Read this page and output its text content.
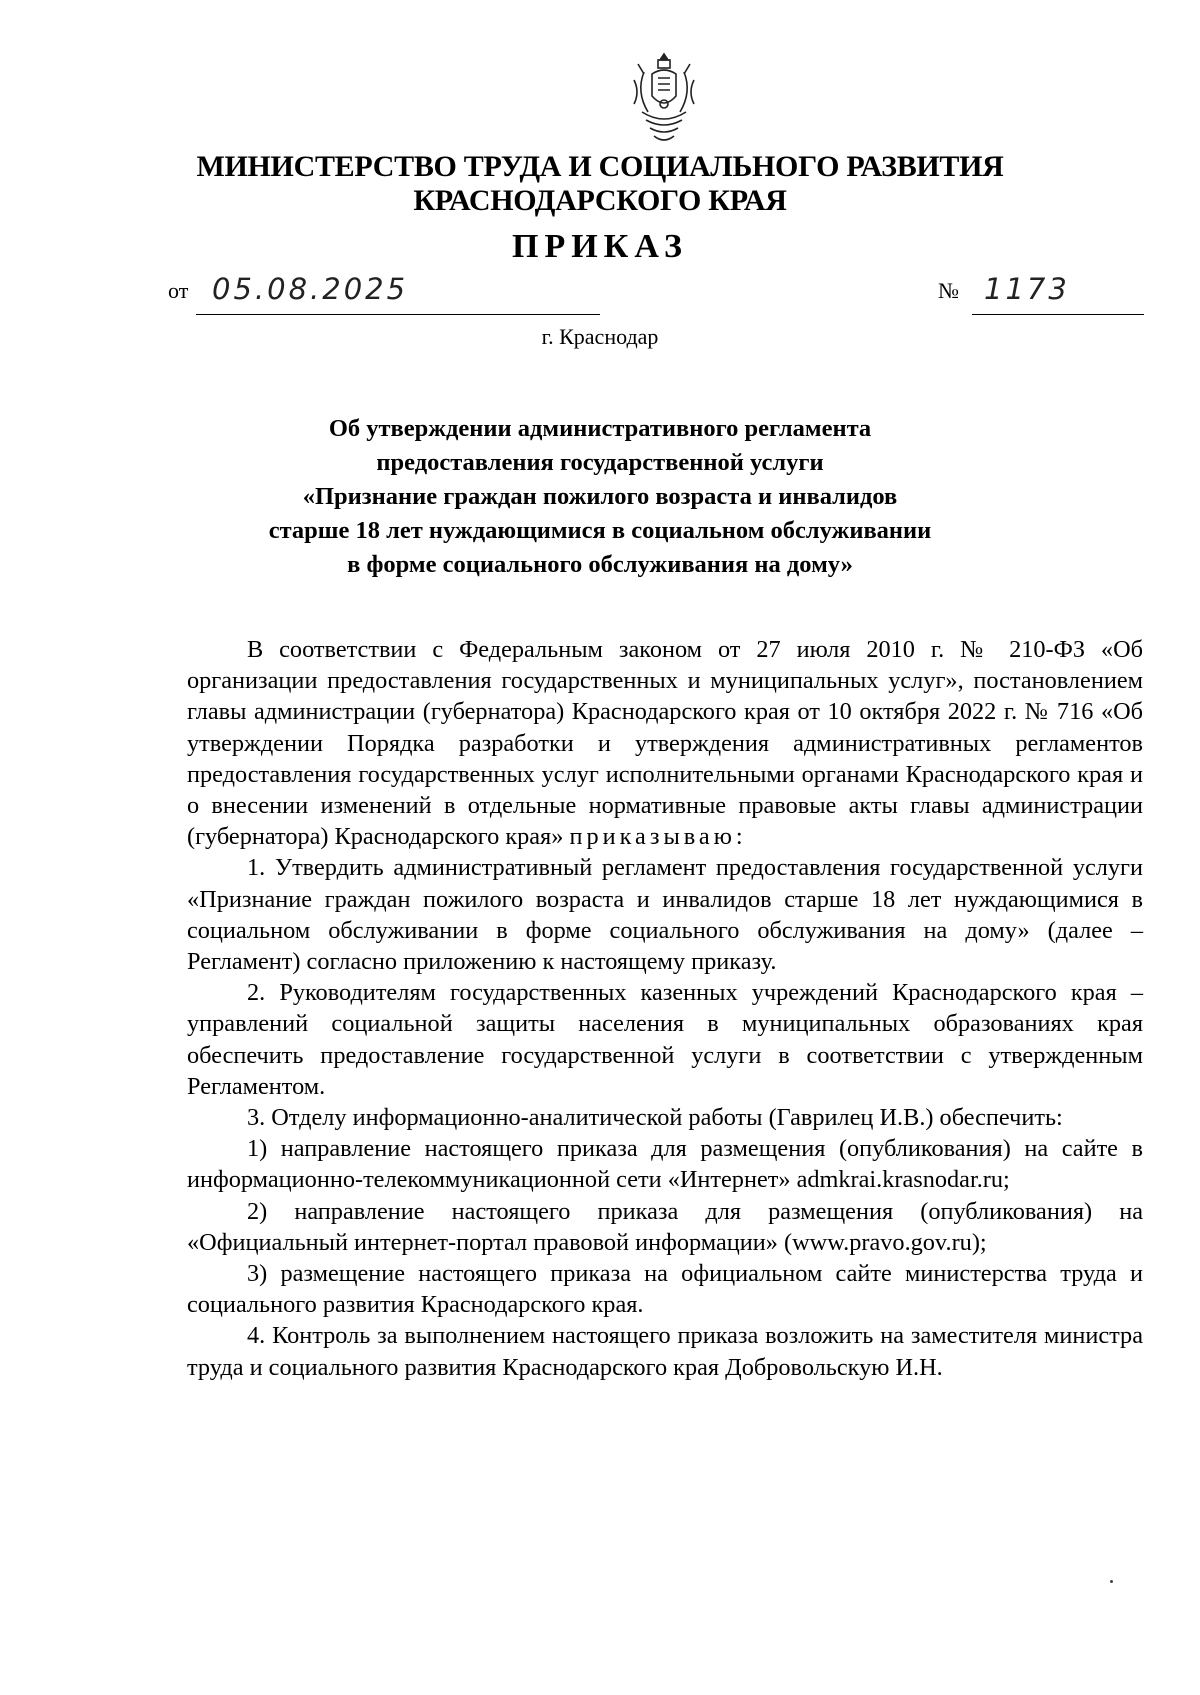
МИНИСТЕРСТВО ТРУДА И СОЦИАЛЬНОГО РАЗВИТИЯ
КРАСНОДАРСКОГО КРАЯ
ПРИКАЗ
от 05.08.2025	№ 1173
г. Краснодар
Об утверждении административного регламента
предоставления государственной услуги
«Признание граждан пожилого возраста и инвалидов
старше 18 лет нуждающимися в социальном обслуживании
в форме социального обслуживания на дому»

В соответствии с Федеральным законом от 27 июля 2010 г. № 210-ФЗ «Об организации предоставления государственных и муниципальных услуг», постановлением главы администрации (губернатора) Краснодарского края от 10 октября 2022 г. № 716 «Об утверждении Порядка разработки и утверждения административных регламентов предоставления государственных услуг исполнительными органами Краснодарского края и о внесении изменений в отдельные нормативные правовые акты главы администрации (губернатора) Краснодарского края» приказываю:

1. Утвердить административный регламент предоставления государственной услуги «Признание граждан пожилого возраста и инвалидов старше 18 лет нуждающимися в социальном обслуживании в форме социального обслуживания на дому» (далее – Регламент) согласно приложению к настоящему приказу.

2. Руководителям государственных казенных учреждений Краснодарского края – управлений социальной защиты населения в муниципальных образованиях края обеспечить предоставление государственной услуги в соответствии с утвержденным Регламентом.

3. Отделу информационно-аналитической работы (Гаврилец И.В.) обеспечить:

1) направление настоящего приказа для размещения (опубликования) на сайте в информационно-телекоммуникационной сети «Интернет» admkrai.krasnodar.ru;

2) направление настоящего приказа для размещения (опубликования) на «Официальный интернет-портал правовой информации» (www.pravo.gov.ru);

3) размещение настоящего приказа на официальном сайте министерства труда и социального развития Краснодарского края.

4. Контроль за выполнением настоящего приказа возложить на заместителя министра труда и социального развития Краснодарского края Добровольскую И.Н.
